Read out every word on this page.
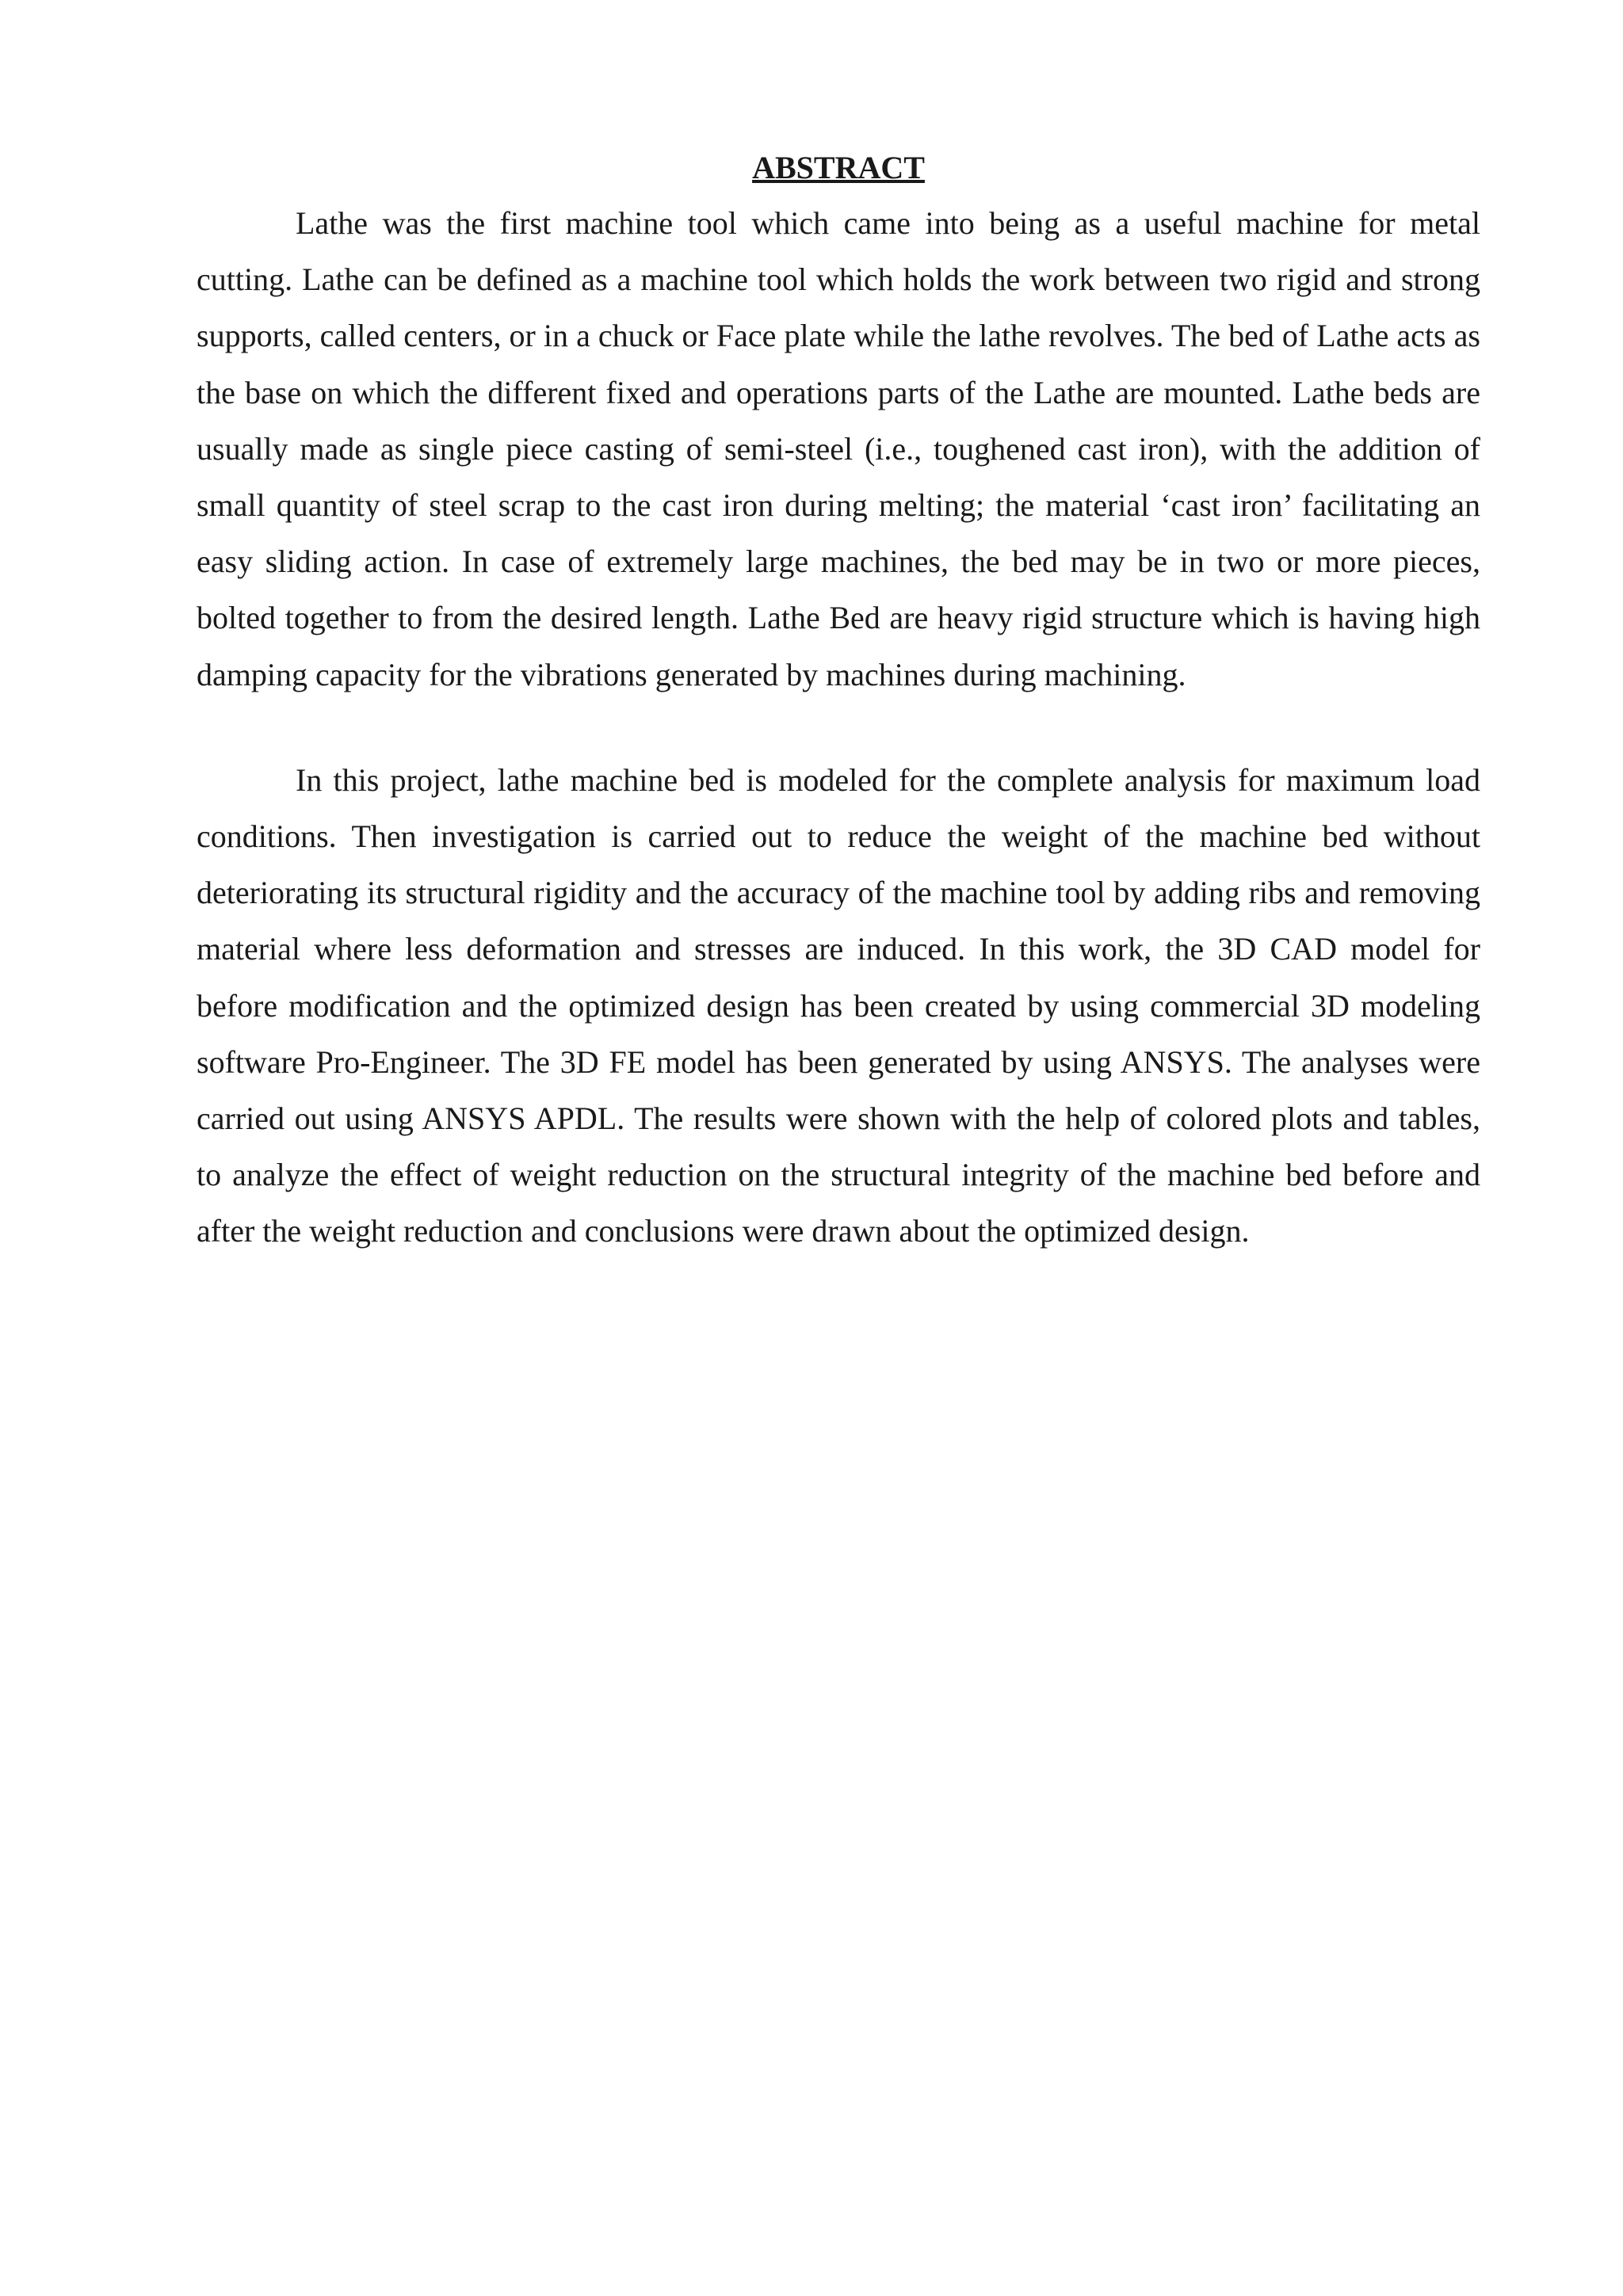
ABSTRACT

Lathe was the first machine tool which came into being as a useful machine for metal cutting. Lathe can be defined as a machine tool which holds the work between two rigid and strong supports, called centers, or in a chuck or Face plate while the lathe revolves. The bed of Lathe acts as the base on which the different fixed and operations parts of the Lathe are mounted. Lathe beds are usually made as single piece casting of semi-steel (i.e., toughened cast iron), with the addition of small quantity of steel scrap to the cast iron during melting; the material ‘cast iron’ facilitating an easy sliding action. In case of extremely large machines, the bed may be in two or more pieces, bolted together to from the desired length. Lathe Bed are heavy rigid structure which is having high damping capacity for the vibrations generated by machines during machining.

In this project, lathe machine bed is modeled for the complete analysis for maximum load conditions. Then investigation is carried out to reduce the weight of the machine bed without deteriorating its structural rigidity and the accuracy of the machine tool by adding ribs and removing material where less deformation and stresses are induced. In this work, the 3D CAD model for before modification and the optimized design has been created by using commercial 3D modeling software Pro-Engineer. The 3D FE model has been generated by using ANSYS. The analyses were carried out using ANSYS APDL. The results were shown with the help of colored plots and tables, to analyze the effect of weight reduction on the structural integrity of the machine bed before and after the weight reduction and conclusions were drawn about the optimized design.
